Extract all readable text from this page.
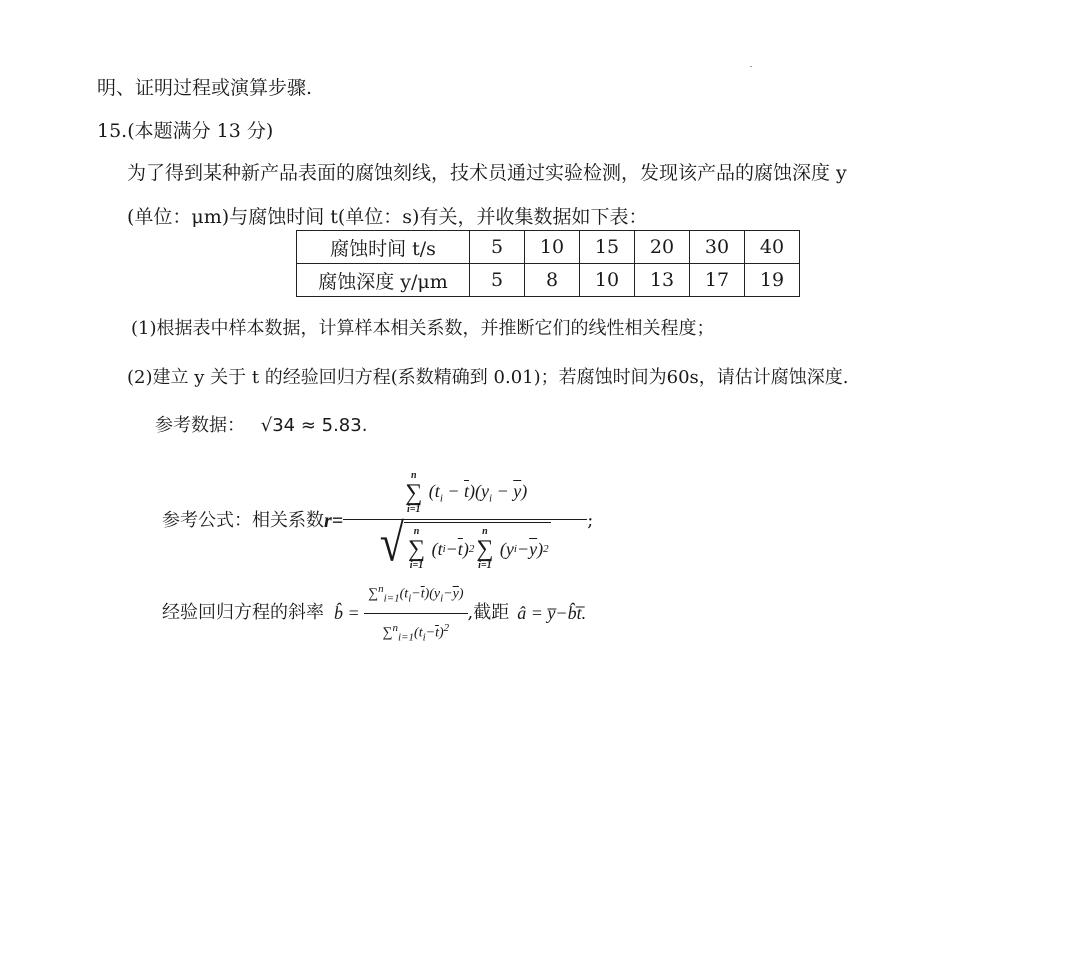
明、证明过程或演算步骤.
15.(本题满分 13 分)
为了得到某种新产品表面的腐蚀刻线，技术员通过实验检测，发现该产品的腐蚀深度 y
(单位：μm)与腐蚀时间 t(单位：s)有关，并收集数据如下表：
腐蚀时间 t/s	5	10	15	20	30	40
腐蚀深度 y/μm	5	8	10	13	17	19
(1)根据表中样本数据，计算样本相关系数，并推断它们的线性相关程度；
(2)建立 y 关于 t 的经验回归方程(系数精确到 0.01)；若腐蚀时间为60s，请估计腐蚀深度.
参考数据： √34 ≈ 5.83.
参考公式：相关系数 r=
n
∑
i=1
$(t_i - \overline{t})(y_i - \overline{y})$
√ n
∑
i=1
( t $i - \overline{t}$ ) 2
n
∑
i=1
( y $i - \overline{y}$ ) 2
;
经验回归方程的斜率 b̂ = $\frac{\sum^n_{i=1}(t_i-\overline{t})(y_i-\overline{y})}{\sum^n_{i=1}(t_i-\overline{t})^2}$ ,截距 â = y̅−b̂t̅.
